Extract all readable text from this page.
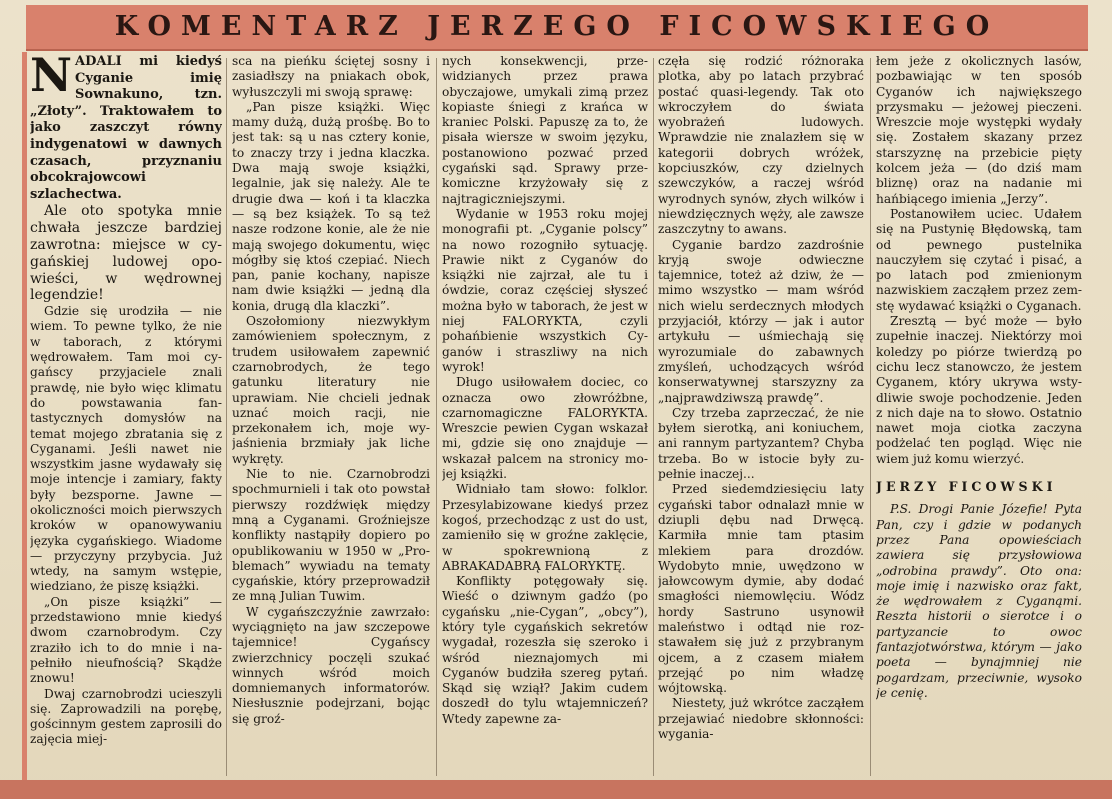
KOMENTARZ JERZEGO FICOWSKIEGO

NADALI mi kiedyś Cyganie imię Sownakuno, tzn. „Złoty”. Traktowałem to jako zaszczyt równy indygenatowi w dawnych czasach, przyznaniu obcokrajowcowi szlachectwa.

Ale oto spotyka mnie chwała jeszcze bardziej zawrotna: miejsce w cygańskiej ludowej opowieści, w wędrownej legendzie!

Gdzie się urodziła — nie wiem. To pewne tylko, że nie w taborach, z którymi wędrowałem. Tam moi cygańscy przyjaciele znali prawdę, nie było więc klimatu do powstawania fantastycznych domysłów na temat mojego zbratania się z Cyganami. Jeśli nawet nie wszystkim jasne wydawały się moje intencje i zamiary, fakty były bezsporne. Jawne — okoliczności moich pierwszych kroków w opanowywaniu języka cygańskiego. Wiadome — przyczyny przybycia. Już wtedy, na samym wstępie, wiedziano, że piszę książki.

„On pisze książki” — przedstawiono mnie kiedyś dwom czarnobrodym. Czy zraziło ich to do mnie i napełniło nieufnością? Skądże znowu!

Dwaj czarnobrodzi ucieszyli się. Zaprowadzili na porębę, gościnnym gestem zaprosili do zajęcia miej-

sca na pieńku ściętej sosny i zasiadłszy na pniakach obok, wyłuszczyli mi swoją sprawę:

„Pan pisze książki. Więc mamy dużą, dużą prośbę. Bo to jest tak: są u nas cztery konie, to znaczy trzy i jedna klaczka. Dwa mają swoje książki, legalnie, jak się należy. Ale te drugie dwa — koń i ta klaczka — są bez książek. To są też nasze rodzone konie, ale że nie mają swojego dokumentu, więc mógłby się ktoś czepiać. Niech pan, panie kochany, napisze nam dwie książki — jedną dla konia, drugą dla klaczki”.

Oszołomiony niezwykłym zamówieniem społecznym, z trudem usiłowałem zapewnić czarnobrodych, że tego gatunku literatury nie uprawiam. Nie chcieli jednak uznać moich racji, nie przekonałem ich, moje wyjaśnienia brzmiały jak liche wykręty.

Nie to nie. Czarnobrodzi spochmurnieli i tak oto powstał pierwszy rozdźwięk między mną a Cyganami. Groźniejsze konflikty nastąpiły dopiero po opublikowaniu w 1950 w „Problemach” wywiadu na tematy cygańskie, który przeprowadził ze mną Julian Tuwim.

W cygańszczyźnie zawrzało: wyciągnięto na jaw szczepowe tajemnice! Cygańscy zwierzchnicy poczęli szukać winnych wśród moich domniemanych informatorów. Niesłusznie podejrzani, bojąc się groź-

nych konsekwencji, przewidzianych przez prawa obyczajowe, umykali zimą przez kopiaste śniegi z krańca w kraniec Polski. Papuszę za to, że pisała wiersze w swoim języku, postanowiono pozwać przed cygański sąd. Sprawy przekomiczne krzyżowały się z najtragiczniejszymi.

Wydanie w 1953 roku mojej monografii pt. „Cyganie polscy” na nowo rozogniło sytuację. Prawie nikt z Cyganów do książki nie zajrzał, ale tu i ówdzie, coraz częściej słyszeć można było w taborach, że jest w niej FALORYKTA, czyli pohańbienie wszystkich Cyganów i straszliwy na nich wyrok!

Długo usiłowałem dociec, co oznacza owo złowróżbne, czarnomagiczne FALORYKTA. Wreszcie pewien Cygan wskazał mi, gdzie się ono znajduje — wskazał palcem na stronicy mojej książki.

Widniało tam słowo: folklor. Przesylabizowane kiedyś przez kogoś, przechodząc z ust do ust, zamieniło się w groźne zaklęcie, w spokrewnioną z ABRAKADABRĄ FALORYKTĘ.

Konflikty potęgowały się. Wieść o dziwnym gadźo (po cygańsku „nie-Cygan”, „obcy”), który tyle cygańskich sekretów wygadał, rozeszła się szeroko i wśród nieznajomych mi Cyganów budziła szereg pytań. Skąd się wziął? Jakim cudem doszedł do tylu wtajemniczeń? Wtedy zapewne za-

częła się rodzić różnoraka plotka, aby po latach przybrać postać quasi-legendy. Tak oto wkroczyłem do świata wyobrażeń ludowych. Wprawdzie nie znalazłem się w kategorii dobrych wróżek, kopciuszków, czy dzielnych szewczyków, a raczej wśród wyrodnych synów, złych wilków i niewdzięcznych węży, ale zawsze zaszczytny to awans.

Cyganie bardzo zazdrośnie kryją swoje odwieczne tajemnice, toteż aż dziw, że — mimo wszystko — mam wśród nich wielu serdecznych młodych przyjaciół, którzy — jak i autor artykułu — uśmiechają się wyrozumiale do zabawnych zmyśleń, uchodzących wśród konserwatywnej starszyzny za „najprawdziwszą prawdę”.

Czy trzeba zaprzeczać, że nie byłem sierotką, ani koniuchem, ani rannym partyzantem? Chyba trzeba. Bo w istocie były zupełnie inaczej...

Przed siedemdziesięciu laty cygański tabor odnalazł mnie w dziupli dębu nad Drwęcą. Karmiła mnie tam ptasim mlekiem para drozdów. Wydobyto mnie, uwędzono w jałowcowym dymie, aby dodać smagłości niemowlęciu. Wódz hordy Sastruno usynowił maleństwo i odtąd nie rozstawałem się już z przybranym ojcem, a z czasem miałem przejąć po nim władzę wójtowską.

Niestety, już wkrótce zacząłem przejawiać niedobre skłonności: wygania-

łem jeże z okolicznych lasów, pozbawiając w ten sposób Cyganów ich największego przysmaku — jeżowej pieczeni. Wreszcie moje występki wydały się. Zostałem skazany przez starszyznę na przebicie pięty kolcem jeża — (do dziś mam bliznę) oraz na nadanie mi hańbiącego imienia „Jerzy”.

Postanowiłem uciec. Udałem się na Pustynię Błędowską, tam od pewnego pustelnika nauczyłem się czytać i pisać, a po latach pod zmienionym nazwiskiem zacząłem przez zemstę wydawać książki o Cyganach.

Zresztą — być może — było zupełnie inaczej. Niektórzy moi koledzy po piórze twierdzą po cichu lecz stanowczo, że jestem Cyganem, który ukrywa wstydliwie swoje pochodzenie. Jeden z nich daje na to słowo. Ostatnio nawet moja ciotka zaczyna podżelać ten pogląd. Więc nie wiem już komu wierzyć.

JERZY FICOWSKI

P.S. Drogi Panie Józefie! Pyta Pan, czy i gdzie w podanych przez Pana opowieściach zawiera się przysłowiowa „odrobina prawdy”. Oto ona: moje imię i nazwisko oraz fakt, że wędrowałem z Cyganąmi. Reszta historii o sierotce i o partyzancie to owoc fantazjotwórstwa, którym — jako poeta — bynajmniej nie pogardzam, przeciwnie, wysoko je cenię.
